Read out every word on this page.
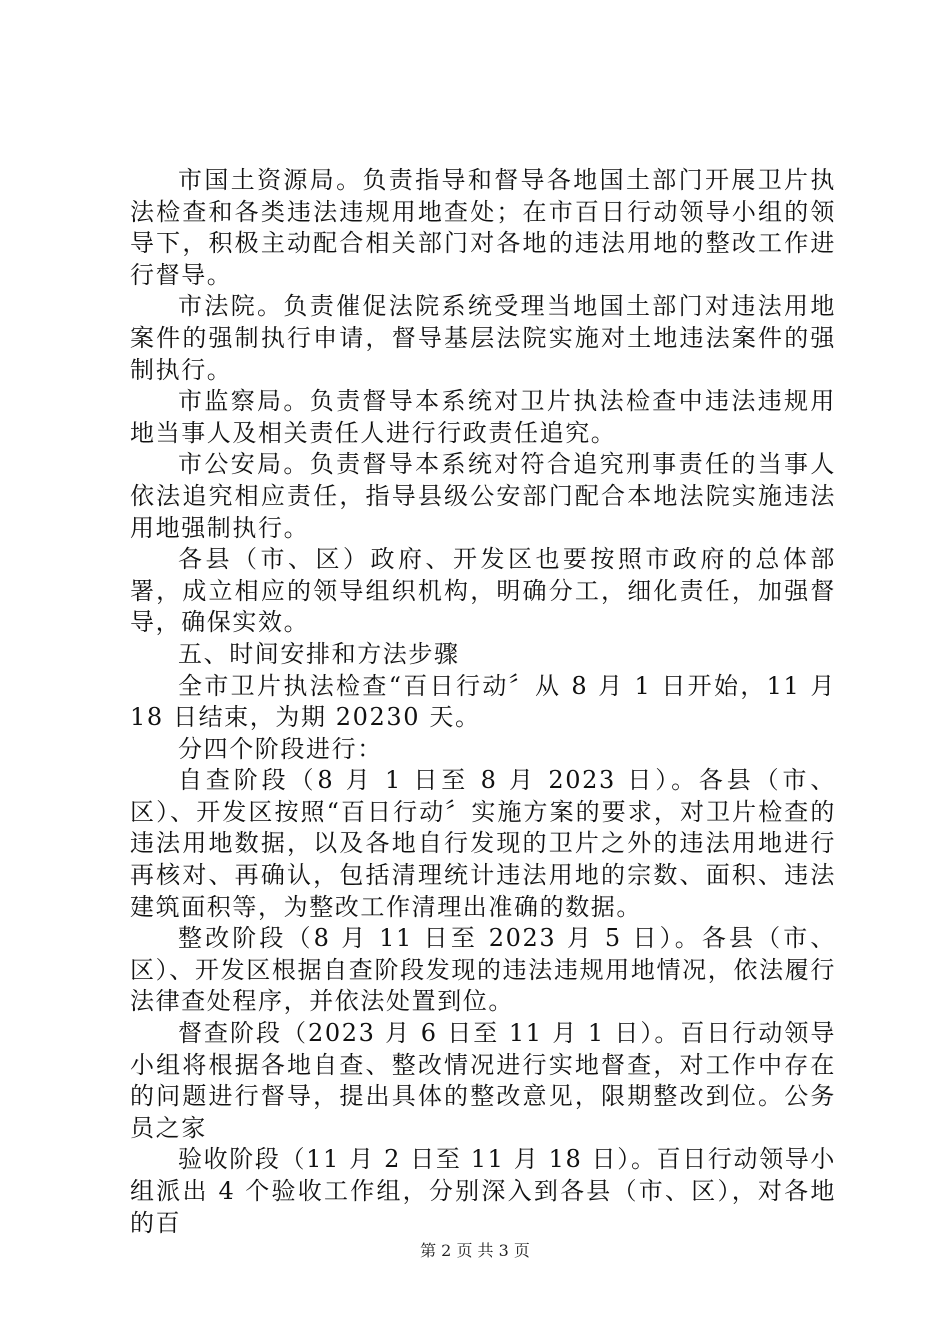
市国土资源局。负责指导和督导各地国土部门开展卫片执法检查和各类违法违规用地查处；在市百日行动领导小组的领导下，积极主动配合相关部门对各地的违法用地的整改工作进行督导。

市法院。负责催促法院系统受理当地国土部门对违法用地案件的强制执行申请，督导基层法院实施对土地违法案件的强制执行。

市监察局。负责督导本系统对卫片执法检查中违法违规用地当事人及相关责任人进行行政责任追究。

市公安局。负责督导本系统对符合追究刑事责任的当事人依法追究相应责任，指导县级公安部门配合本地法院实施违法用地强制执行。

各县（市、区）政府、开发区也要按照市政府的总体部署，成立相应的领导组织机构，明确分工，细化责任，加强督导，确保实效。

五、时间安排和方法步骤

全市卫片执法检查“百日行动〞从 8 月 1 日开始，11 月 18 日结束，为期 20230 天。

分四个阶段进行：

自查阶段（8 月 1 日至 8 月 2023 日）。各县（市、区）、开发区按照“百日行动〞实施方案的要求，对卫片检查的违法用地数据，以及各地自行发现的卫片之外的违法用地进行再核对、再确认，包括清理统计违法用地的宗数、面积、违法建筑面积等，为整改工作清理出准确的数据。

整改阶段（8 月 11 日至 2023 月 5 日）。各县（市、区）、开发区根据自查阶段发现的违法违规用地情况，依法履行法律查处程序，并依法处置到位。

督查阶段（2023 月 6 日至 11 月 1 日）。百日行动领导小组将根据各地自查、整改情况进行实地督查，对工作中存在的问题进行督导，提出具体的整改意见，限期整改到位。公务员之家

验收阶段（11 月 2 日至 11 月 18 日）。百日行动领导小组派出 4 个验收工作组，分别深入到各县（市、区），对各地的百

第 2 页 共 3 页
